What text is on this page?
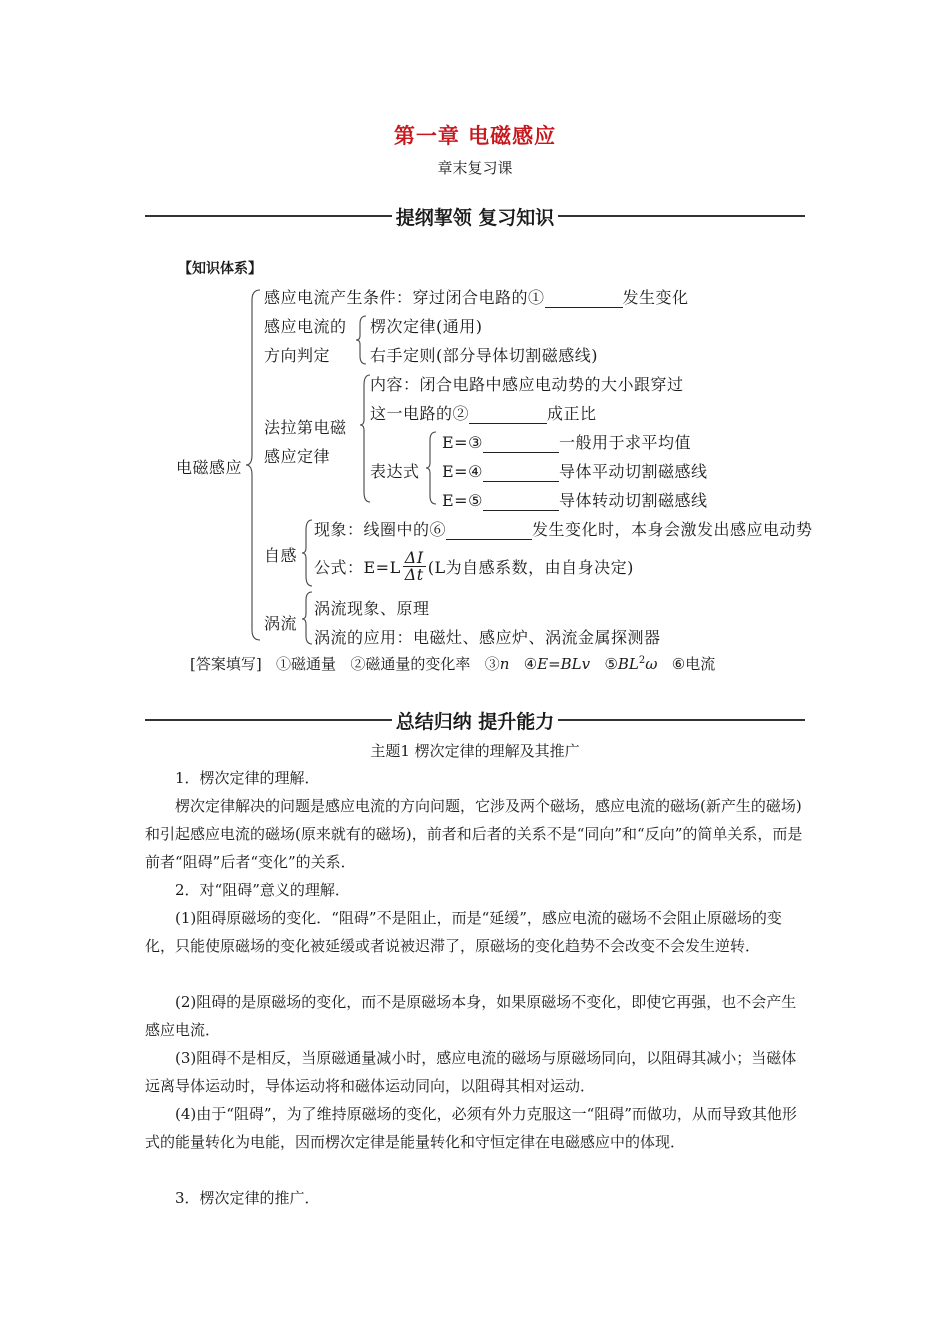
第一章 电磁感应
章末复习课
提纲挈领 复习知识
【知识体系】
电磁感应
感应电流产生条件：穿过闭合电路的①	发生变化
感应电流的
方向判定
楞次定律(通用)
右手定则(部分导体切割磁感线)
法拉第电磁
感应定律
内容：闭合电路中感应电动势的大小跟穿过
这一电路的②	成正比
表达式
E=③	一般用于求平均值
E=④	导体平动切割磁感线
E=⑤	导体转动切割磁感线
自感
现象：线圈中的⑥	发生变化时，本身会激发出感应电动势
公式：$E=L \frac{\Delta I}{\Delta t} (L$为自感系数，由自身决定)
涡流
涡流现象、原理
涡流的应用：电磁灶、感应炉、涡流金属探测器
[答案填写] ①磁通量 ②磁通量的变化率 ③n ④E=BLv $⑤BL^2\omega$ ⑥电流
总结归纳 提升能力
主题1 楞次定律的理解及其推广
1．楞次定律的理解．
楞次定律解决的问题是感应电流的方向问题，它涉及两个磁场，感应电流的磁场(新产生的磁场)和引起感应电流的磁场(原来就有的磁场)，前者和后者的关系不是“同向”和“反向”的简单关系，而是前者“阻碍”后者“变化”的关系．
2．对“阻碍”意义的理解．
(1)阻碍原磁场的变化．“阻碍”不是阻止，而是“延缓”，感应电流的磁场不会阻止原磁场的变化，只能使原磁场的变化被延缓或者说被迟滞了，原磁场的变化趋势不会改变不会发生逆转．
(2)阻碍的是原磁场的变化，而不是原磁场本身，如果原磁场不变化，即使它再强，也不会产生感应电流．
(3)阻碍不是相反，当原磁通量减小时，感应电流的磁场与原磁场同向，以阻碍其减小；当磁体远离导体运动时，导体运动将和磁体运动同向，以阻碍其相对运动．
(4)由于“阻碍”，为了维持原磁场的变化，必须有外力克服这一“阻碍”而做功，从而导致其他形式的能量转化为电能，因而楞次定律是能量转化和守恒定律在电磁感应中的体现．
3．楞次定律的推广．
